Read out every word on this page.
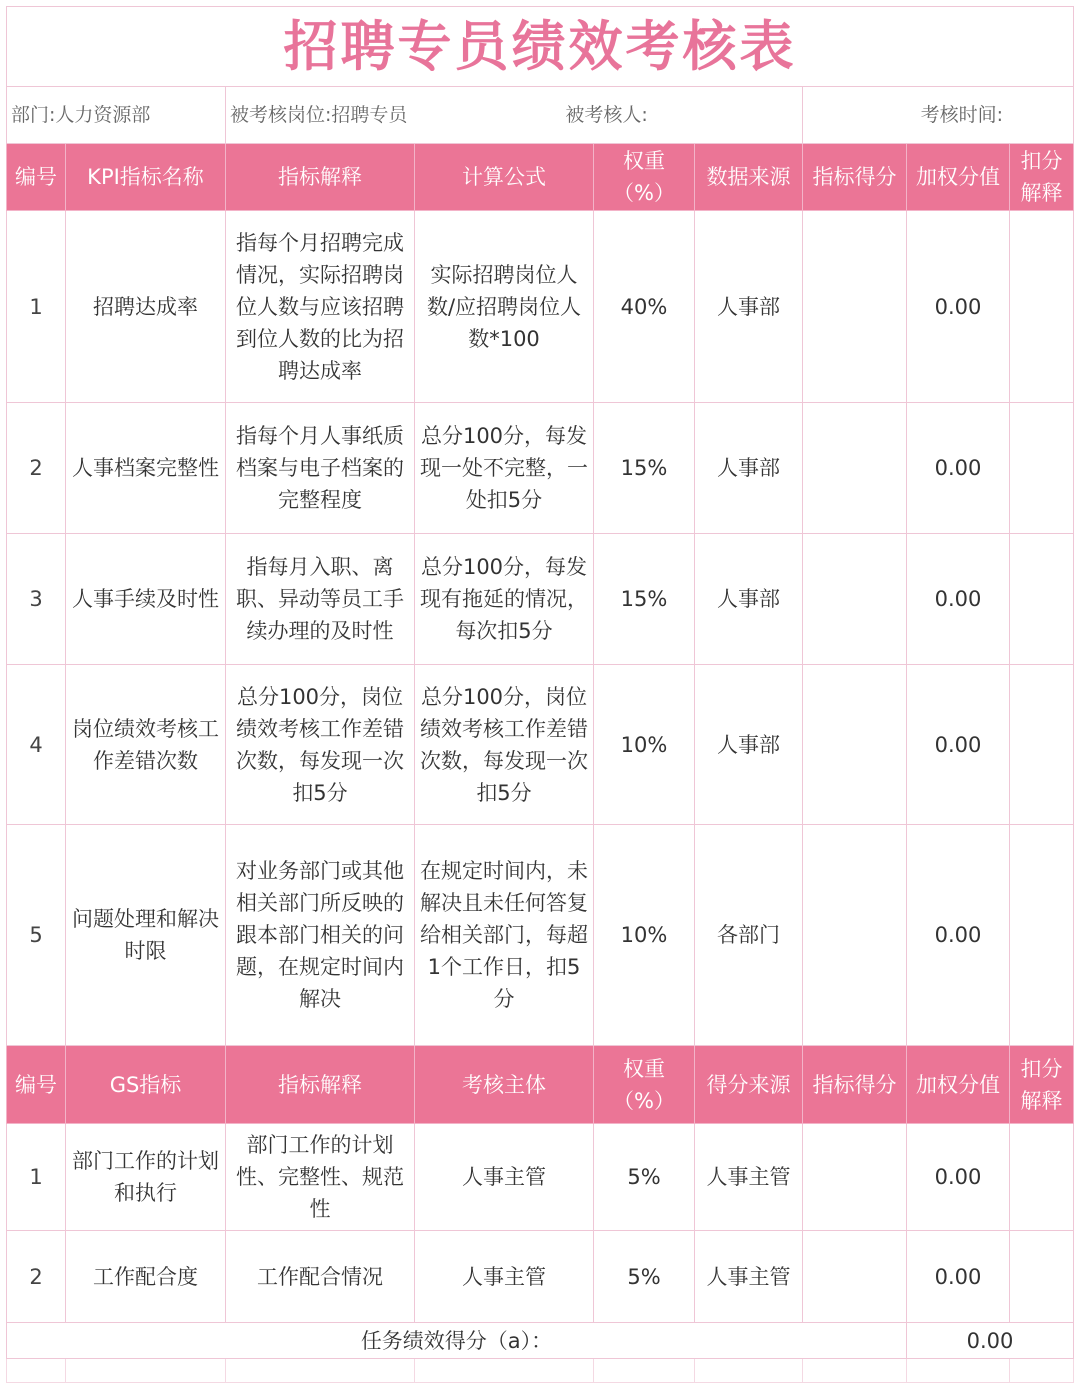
招聘专员绩效考核表								
部门:人力资源部		被考核岗位:招聘专员 被考核人:				考核时间:		
编号	KPI指标名称	指标解释	计算公式	权重（%）	数据来源	指标得分	加权分值	扣分解释
1	招聘达成率	指每个月招聘完成情况，实际招聘岗位人数与应该招聘到位人数的比为招聘达成率	实际招聘岗位人数/应招聘岗位人数*100	40%	人事部		0.00	
2	人事档案完整性	指每个月人事纸质档案与电子档案的完整程度	总分100分，每发现一处不完整，一处扣5分	15%	人事部		0.00	
3	人事手续及时性	指每月入职、离职、异动等员工手续办理的及时性	总分100分，每发现有拖延的情况，每次扣5分	15%	人事部		0.00	
4	岗位绩效考核工作差错次数	总分100分，岗位绩效考核工作差错次数，每发现一次扣5分	总分100分，岗位绩效考核工作差错次数，每发现一次扣5分	10%	人事部		0.00	
5	问题处理和解决时限	对业务部门或其他相关部门所反映的跟本部门相关的问题，在规定时间内解决	在规定时间内，未解决且未任何答复给相关部门，每超1个工作日，扣5分	10%	各部门		0.00	
编号	GS指标	指标解释	考核主体	权重（%）	得分来源	指标得分	加权分值	扣分解释
1	部门工作的计划和执行	部门工作的计划性、完整性、规范性	人事主管	5%	人事主管		0.00	
2	工作配合度	工作配合情况	人事主管	5%	人事主管		0.00	
任务绩效得分（a）：							0.00	
